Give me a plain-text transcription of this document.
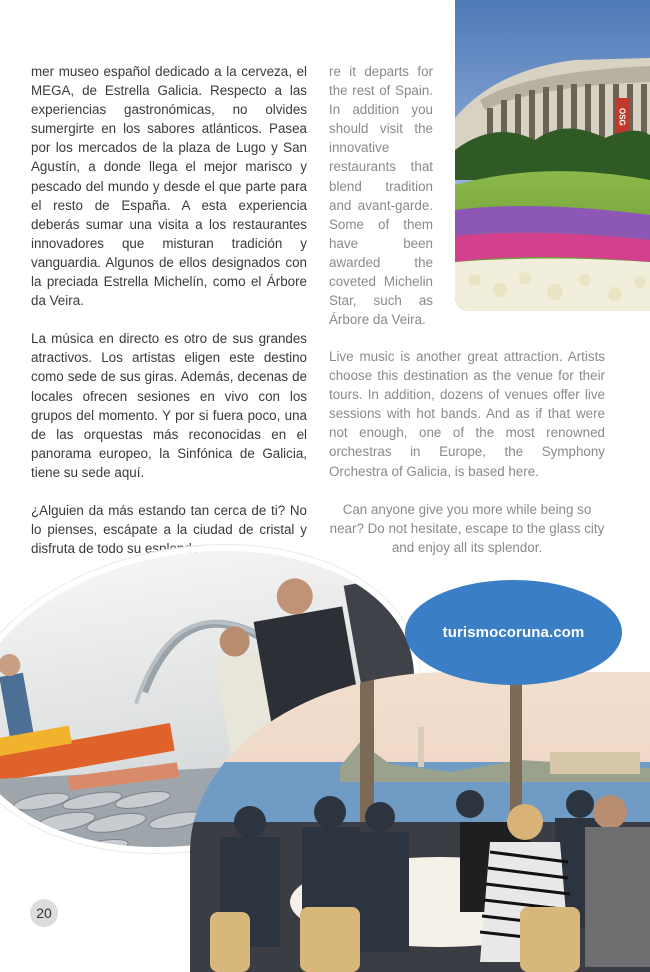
mer museo español dedicado a la cerveza, el MEGA, de Estrella Galicia. Respecto a las experiencias gastronómicas, no olvides sumergirte en los sabores atlánticos. Pasea por los mercados de la plaza de Lugo y San Agustín, a donde llega el mejor marisco y pescado del mundo y desde el que parte para el resto de España. A esta experiencia deberás sumar una visita a los restaurantes innovadores que misturan tradición y vanguardia. Algunos de ellos designados con la preciada Estrella Michelín, como el Árbore da Veira.

La música en directo es otro de sus grandes atractivos. Los artistas eligen este destino como sede de sus giras. Además, decenas de locales ofrecen sesiones en vivo con los grupos del momento. Y por si fuera poco, una de las orquestas más reconocidas en el panorama europeo, la Sinfónica de Galicia, tiene su sede aquí.

¿Alguien da más estando tan cerca de ti? No lo pienses, escápate a la ciudad de cristal y disfruta de todo su esplendor.

re it departs for the rest of Spain. In addition you should visit the innovative restaurants that blend tradition and avant-garde. Some of them have been awarded the coveted Michelin Star, such as Árbore da Veira.

Live music is another great attraction. Artists choose this destination as the venue for their tours. In addition, dozens of venues offer live sessions with hot bands. And as if that were not enough, one of the most renowned orchestras in Europe, the Symphony Orchestra of Galicia, is based here.

Can anyone give you more while being so near? Do not hesitate, escape to the glass city and enjoy all its splendor.

OSG
turismocoruna.com
20
